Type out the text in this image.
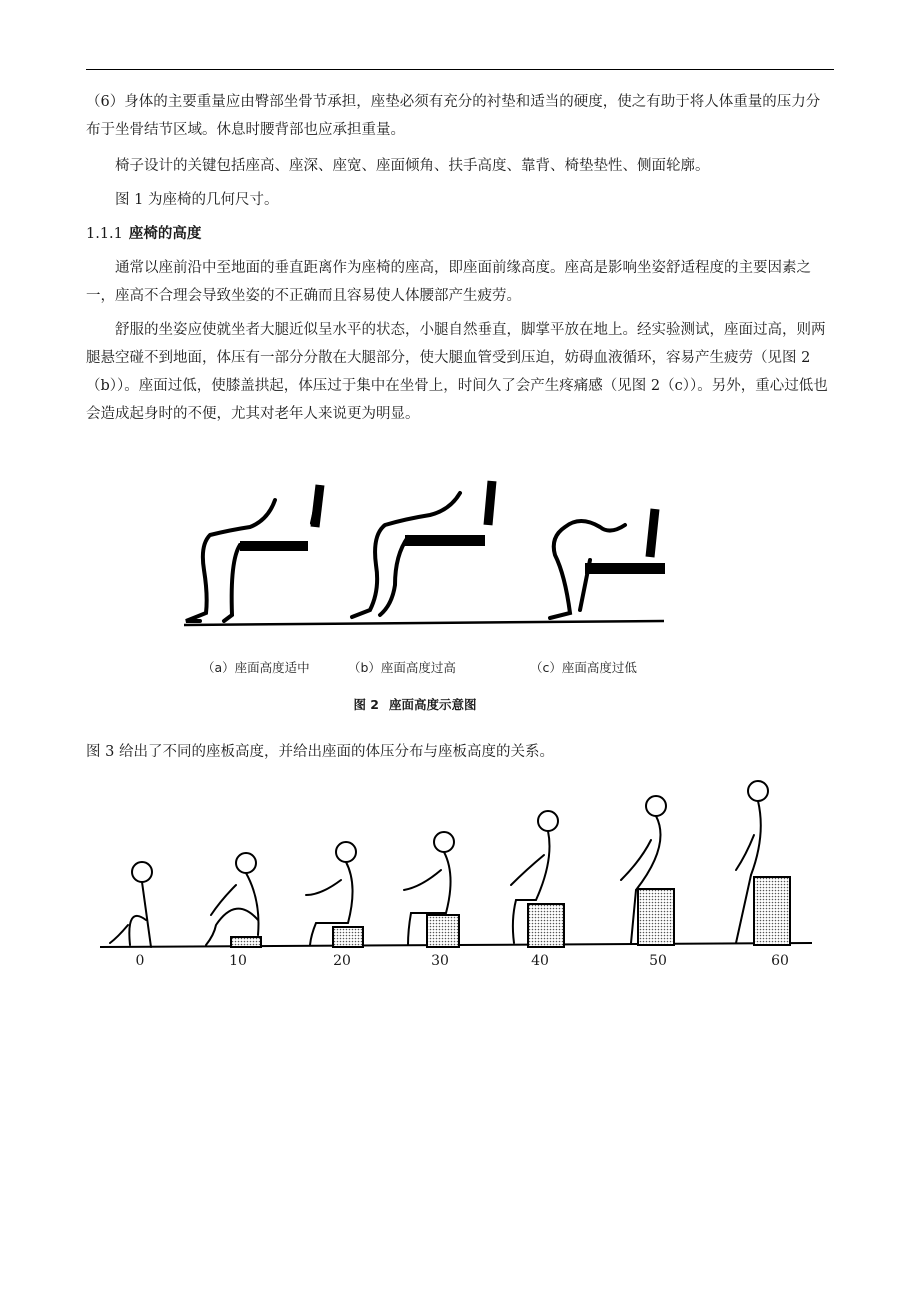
（6）身体的主要重量应由臀部坐骨节承担，座垫必须有充分的衬垫和适当的硬度，使之有助于将人体重量的压力分布于坐骨结节区域。休息时腰背部也应承担重量。

椅子设计的关键包括座高、座深、座宽、座面倾角、扶手高度、靠背、椅垫垫性、侧面轮廓。

图 1 为座椅的几何尺寸。

1.1.1 座椅的高度

通常以座前沿中至地面的垂直距离作为座椅的座高，即座面前缘高度。座高是影响坐姿舒适程度的主要因素之一，座高不合理会导致坐姿的不正确而且容易使人体腰部产生疲劳。

舒服的坐姿应使就坐者大腿近似呈水平的状态，小腿自然垂直，脚掌平放在地上。经实验测试，座面过高，则两腿悬空碰不到地面，体压有一部分分散在大腿部分，使大腿血管受到压迫，妨碍血液循环，容易产生疲劳（见图 2（b））。座面过低，使膝盖拱起，体压过于集中在坐骨上，时间久了会产生疼痛感（见图 2（c））。另外，重心过低也会造成起身时的不便，尤其对老年人来说更为明显。

（a）座面高度适中	（b）座面高度过高	（c）座面高度过低
图 2 座面高度示意图

图 3 给出了不同的座板高度，并给出座面的体压分布与座板高度的关系。

0	10	20	30	40	50	60
